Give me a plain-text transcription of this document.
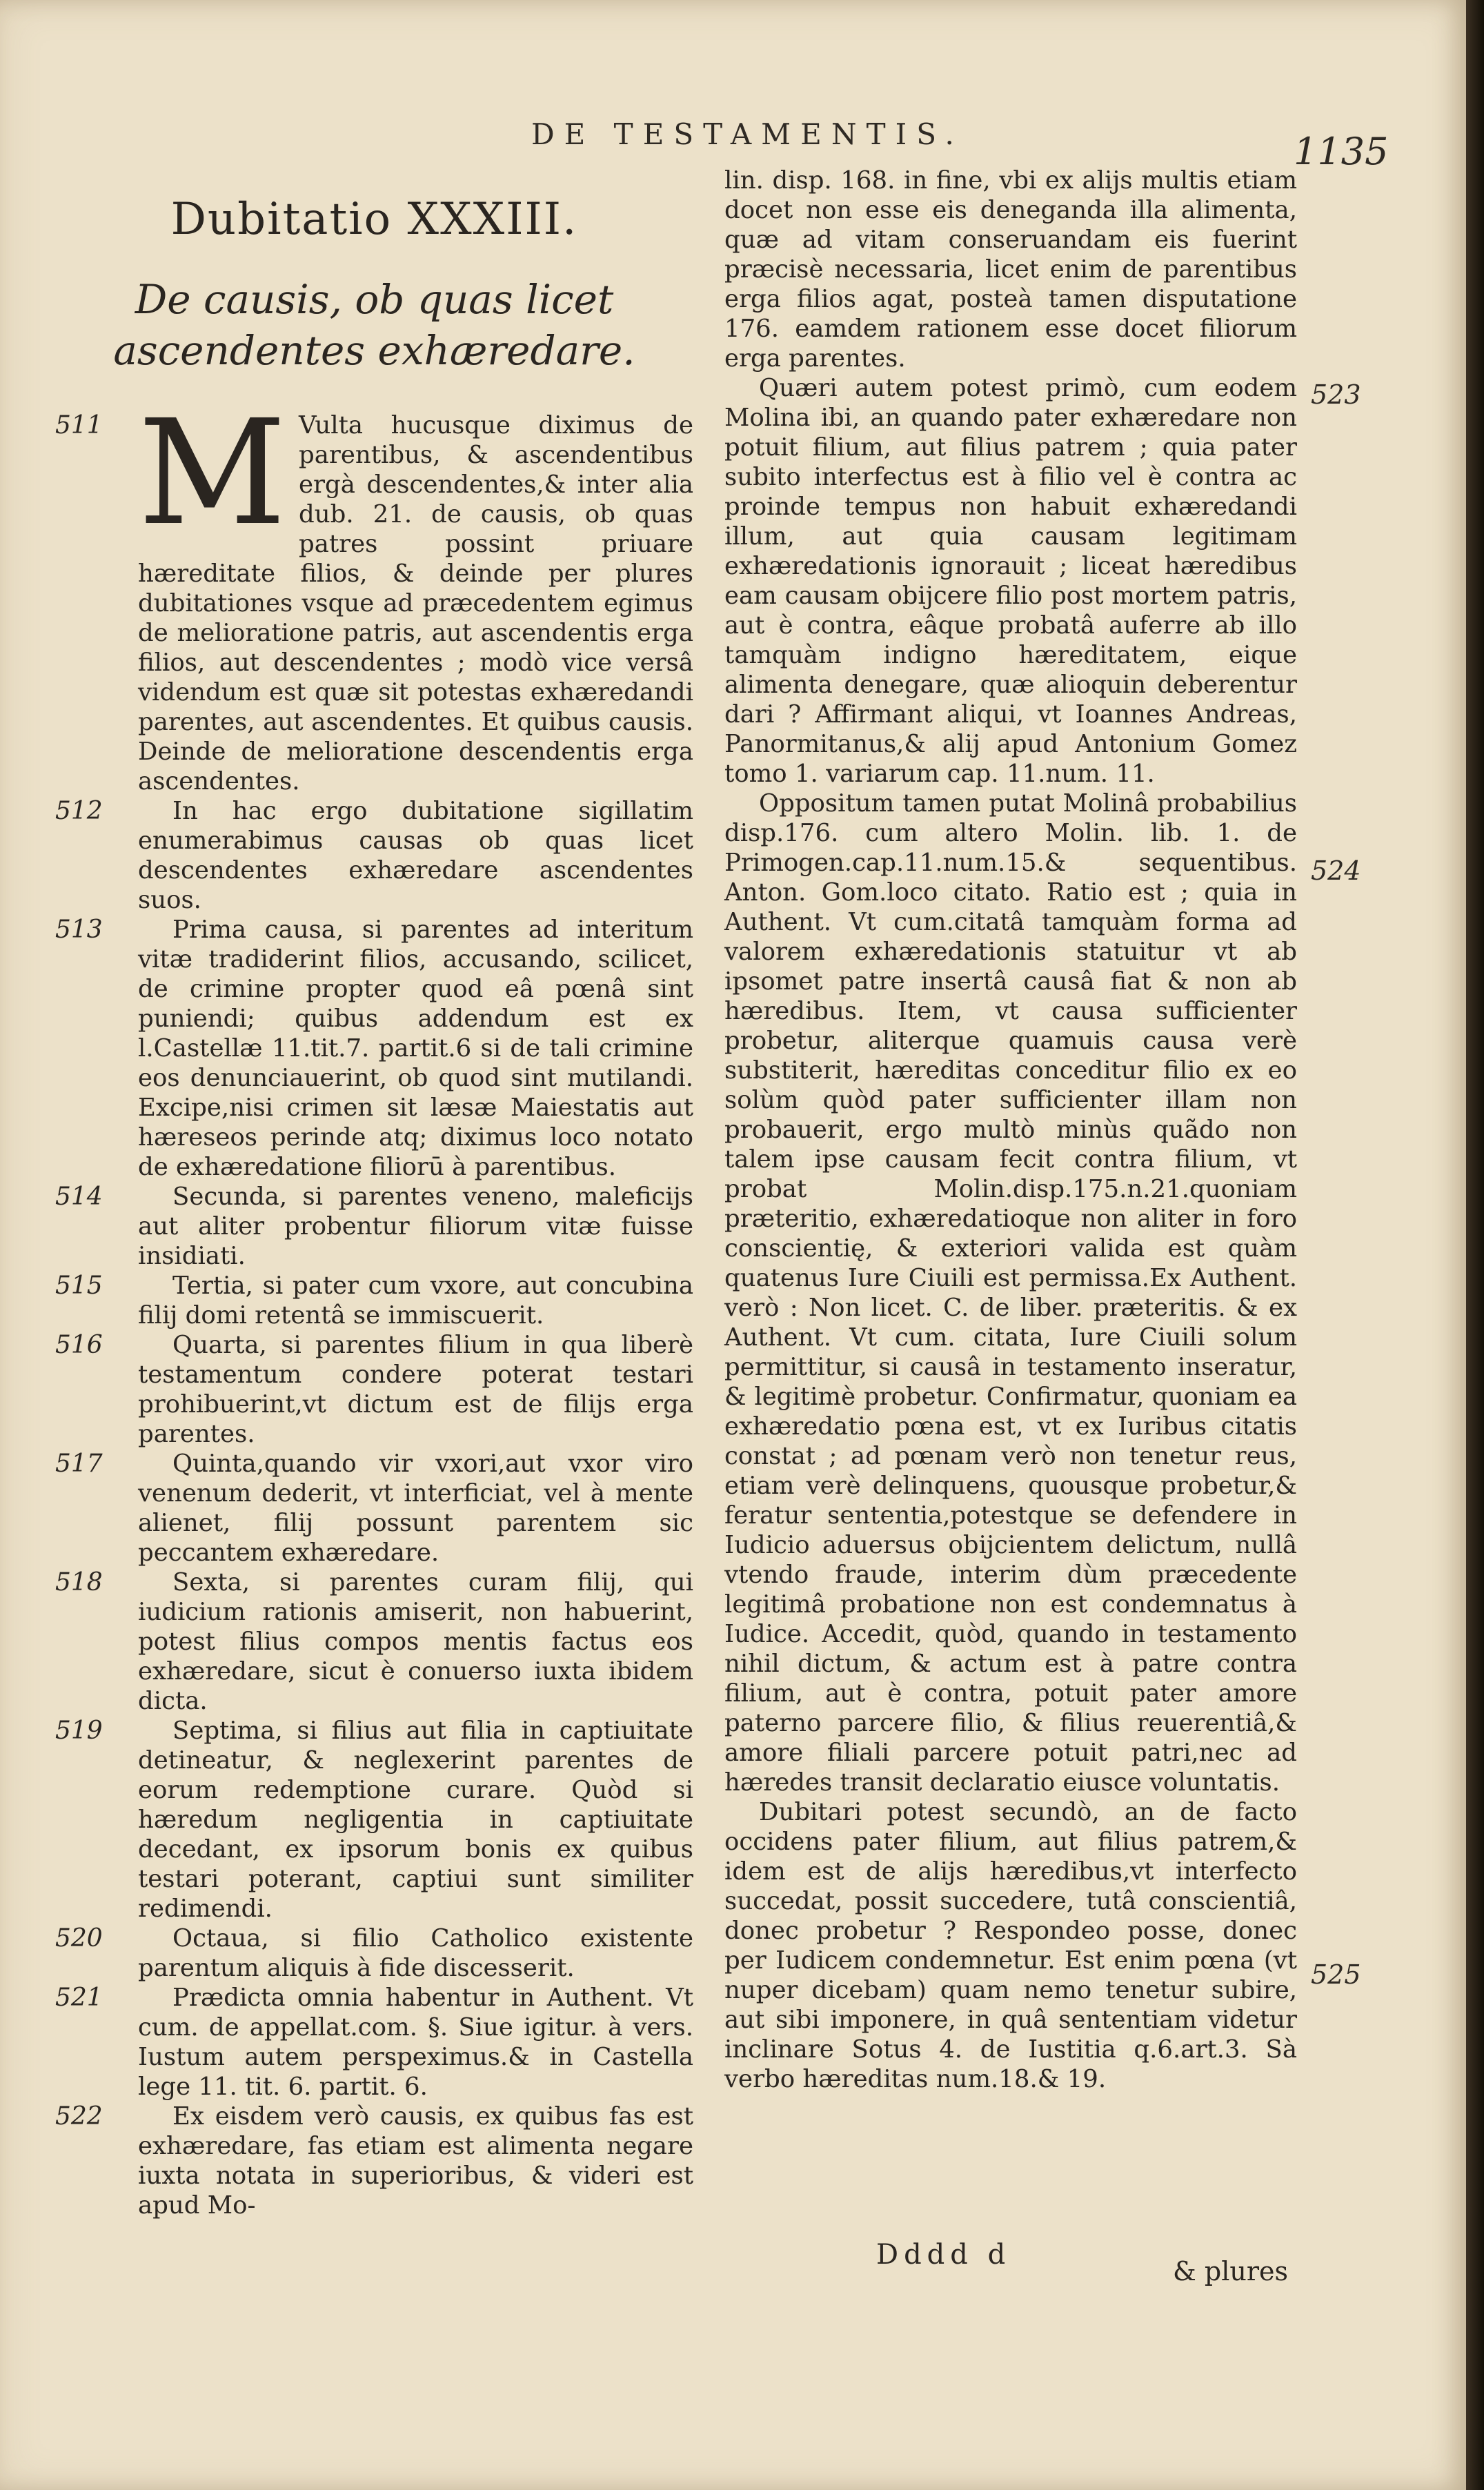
DE TESTAMENTIS.	1135
Dubitatio XXXIII.
De causis, ob quas licet ascendentes exhæredare.
511 M Vulta hucusque diximus de parentibus, & ascendentibus ergà descendentes,& inter alia dub. 21. de causis, ob quas patres possint priuare hæreditate filios, & deinde per plures dubitationes vsque ad præcedentem egimus de melioratione patris, aut ascendentis erga filios, aut descendentes ; modò vice versâ videndum est quæ sit potestas exhæredandi parentes, aut ascendentes. Et quibus causis. Deinde de melioratione descendentis erga ascendentes.
512	In hac ergo dubitatione sigillatim enumerabimus causas ob quas licet descendentes exhæredare ascendentes suos.
513	Prima causa, si parentes ad interitum vitæ tradiderint filios, accusando, scilicet, de crimine propter quod eâ pœnâ sint puniendi; quibus addendum est ex l.Castellæ 11.tit.7. partit.6 si de tali crimine eos denunciauerint, ob quod sint mutilandi. Excipe,nisi crimen sit læsæ Maiestatis aut hæreseos perinde atq; diximus loco notato de exhæredatione filiorū à parentibus.
514	Secunda, si parentes veneno, maleficijs aut aliter probentur filiorum vitæ fuisse insidiati.
515	Tertia, si pater cum vxore, aut concubina filij domi retentâ se immiscuerit.
516	Quarta, si parentes filium in qua liberè testamentum condere poterat testari prohibuerint,vt dictum est de filijs erga parentes.
517	Quinta,quando vir vxori,aut vxor viro venenum dederit, vt interficiat, vel à mente alienet, filij possunt parentem sic peccantem exhæredare.
518	Sexta, si parentes curam filij, qui iudicium rationis amiserit, non habuerint, potest filius compos mentis factus eos exhæredare, sicut è conuerso iuxta ibidem dicta.
519	Septima, si filius aut filia in captiuitate detineatur, & neglexerint parentes de eorum redemptione curare. Quòd si hæredum negligentia in captiuitate decedant, ex ipsorum bonis ex quibus testari poterant, captiui sunt similiter redimendi.
520	Octaua, si filio Catholico existente parentum aliquis à fide discesserit.
521	Prædicta omnia habentur in Authent. Vt cum. de appellat.com. §. Siue igitur. à vers. Iustum autem perspeximus.& in Castella lege 11. tit. 6. partit. 6.
522	Ex eisdem verò causis, ex quibus fas est exhæredare, fas etiam est alimenta negare iuxta notata in superioribus, & videri est apud Mo-

lin. disp. 168. in fine, vbi ex alijs multis etiam docet non esse eis deneganda illa alimenta, quæ ad vitam conseruandam eis fuerint præcisè necessaria, licet enim de parentibus erga filios agat, posteà tamen disputatione 176. eamdem rationem esse docet filiorum erga parentes.

Quæri autem potest primò, cum eodem Molina ibi, an quando pater exhæredare non potuit filium, aut filius patrem ; quia pater subito interfectus est à filio vel è contra ac proinde tempus non habuit exhæredandi illum, aut quia causam legitimam exhæredationis ignorauit ; liceat hæredibus eam causam obijcere filio post mortem patris, aut è contra, eâque probatâ auferre ab illo tamquàm indigno hæreditatem, eique alimenta denegare, quæ alioquin deberentur dari ? Affirmant aliqui, vt Ioannes Andreas, Panormitanus,& alij apud Antonium Gomez tomo 1. variarum cap. 11.num. 11.

Oppositum tamen putat Molinâ probabilius disp.176. cum altero Molin. lib. 1. de Primogen.cap.11.num.15.& sequentibus. Anton. Gom.loco citato. Ratio est ; quia in Authent. Vt cum.citatâ tamquàm forma ad valorem exhæredationis statuitur vt ab ipsomet patre insertâ causâ fiat & non ab hæredibus. Item, vt causa sufficienter probetur, aliterque quamuis causa verè substiterit, hæreditas conceditur filio ex eo solùm quòd pater sufficienter illam non probauerit, ergo multò minùs quãdo non talem ipse causam fecit contra filium, vt probat Molin.disp.175.n.21.quoniam præteritio, exhæredatioque non aliter in foro conscientię, & exteriori valida est quàm quatenus Iure Ciuili est permissa.Ex Authent. verò : Non licet. C. de liber. præteritis. & ex Authent. Vt cum. citata, Iure Ciuili solum permittitur, si causâ in testamento inseratur, & legitimè probetur. Confirmatur, quoniam ea exhæredatio pœna est, vt ex Iuribus citatis constat ; ad pœnam verò non tenetur reus, etiam verè delinquens, quousque probetur,& feratur sententia,potestque se defendere in Iudicio aduersus obijcientem delictum, nullâ vtendo fraude, interim dùm præcedente legitimâ probatione non est condemnatus à Iudice. Accedit, quòd, quando in testamento nihil dictum, & actum est à patre contra filium, aut è contra, potuit pater amore paterno parcere filio, & filius reuerentiâ,& amore filiali parcere potuit patri,nec ad hæredes transit declaratio eiusce voluntatis.

Dubitari potest secundò, an de facto occidens pater filium, aut filius patrem,& idem est de alijs hæredibus,vt interfecto succedat, possit succedere, tutâ conscientiâ, donec probetur ? Respondeo posse, donec per Iudicem condemnetur. Est enim pœna (vt nuper dicebam) quam nemo tenetur subire, aut sibi imponere, in quâ sententiam videtur inclinare Sotus 4. de Iustitia q.6.art.3. Sà verbo hæreditas num.18.& 19.

523
524
525
Dddd d
& plures
